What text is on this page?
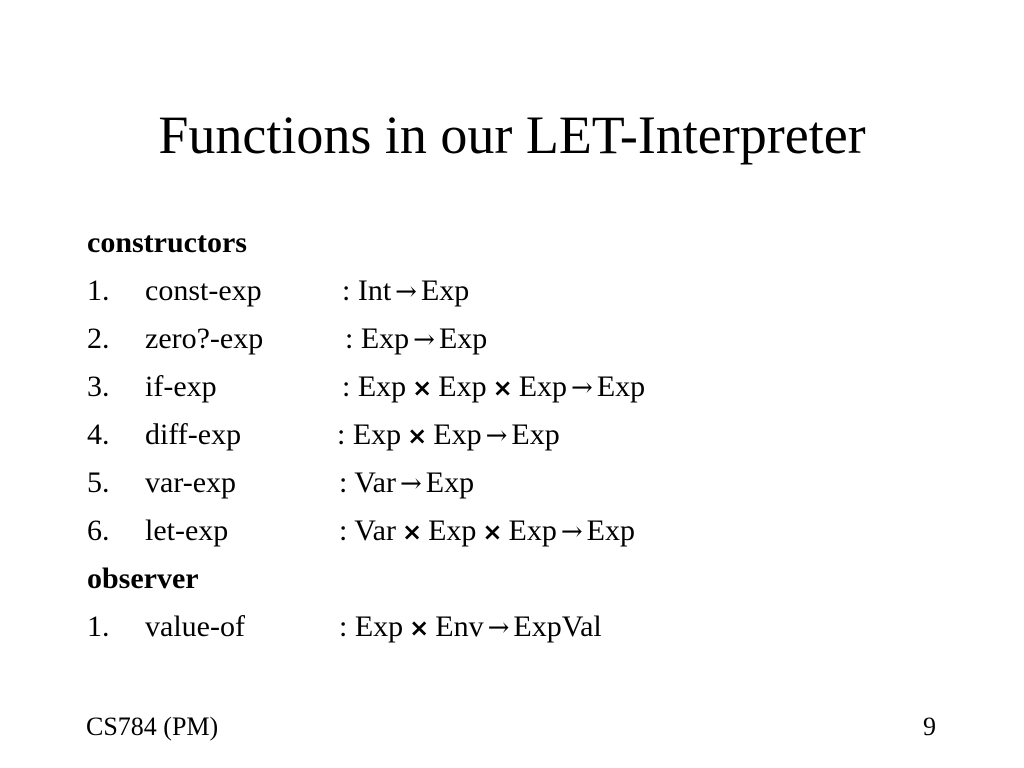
Functions in our LET-Interpreter
constructors
1. const-exp	: Int → Exp
2. zero?-exp	: Exp → Exp
3. if-exp	: Exp × Exp × Exp → Exp
4. diff-exp	: Exp × Exp → Exp
5. var-exp	: Var → Exp
6. let-exp	: Var × Exp × Exp → Exp
observer
1. value-of	: Exp × Env → ExpVal
CS784 (PM)	9
